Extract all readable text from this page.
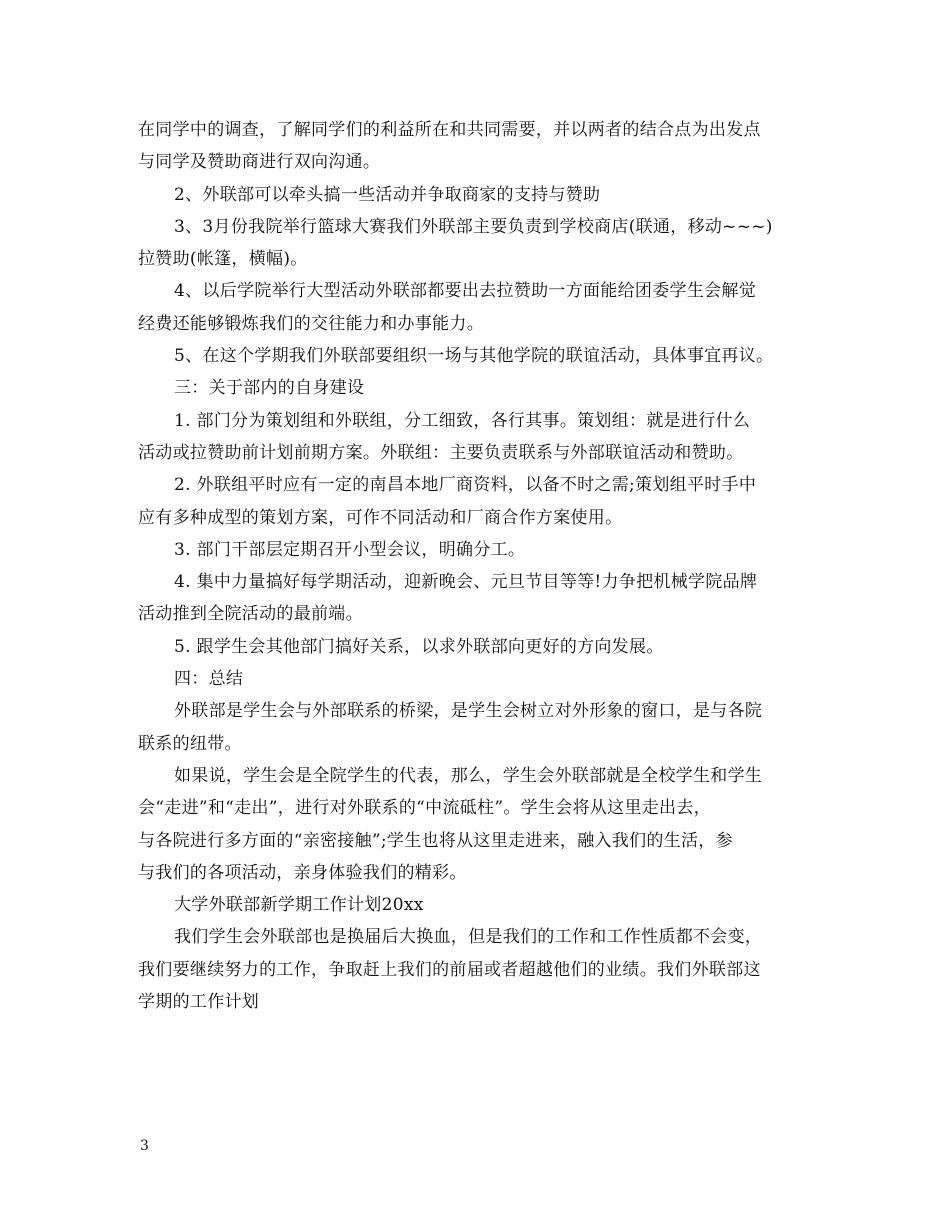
在同学中的调查，了解同学们的利益所在和共同需要，并以两者的结合点为出发点
与同学及赞助商进行双向沟通。
2、外联部可以牵头搞一些活动并争取商家的支持与赞助
3、3月份我院举行篮球大赛我们外联部主要负责到学校商店(联通，移动~~~)
拉赞助(帐篷，横幅)。
4、以后学院举行大型活动外联部都要出去拉赞助一方面能给团委学生会解觉
经费还能够锻炼我们的交往能力和办事能力。
5、在这个学期我们外联部要组织一场与其他学院的联谊活动，具体事宜再议。
三：关于部内的自身建设
1. 部门分为策划组和外联组，分工细致，各行其事。策划组：就是进行什么
活动或拉赞助前计划前期方案。外联组：主要负责联系与外部联谊活动和赞助。
2. 外联组平时应有一定的南昌本地厂商资料，以备不时之需;策划组平时手中
应有多种成型的策划方案，可作不同活动和厂商合作方案使用。
3. 部门干部层定期召开小型会议，明确分工。
4. 集中力量搞好每学期活动，迎新晚会、元旦节目等等!力争把机械学院品牌
活动推到全院活动的最前端。
5. 跟学生会其他部门搞好关系，以求外联部向更好的方向发展。
四：总结
外联部是学生会与外部联系的桥梁，是学生会树立对外形象的窗口，是与各院
联系的纽带。
如果说，学生会是全院学生的代表，那么，学生会外联部就是全校学生和学生
会“走进”和“走出”，进行对外联系的“中流砥柱”。学生会将从这里走出去，
与各院进行多方面的“亲密接触”;学生也将从这里走进来，融入我们的生活，参
与我们的各项活动，亲身体验我们的精彩。
大学外联部新学期工作计划20xx
我们学生会外联部也是换届后大换血，但是我们的工作和工作性质都不会变，
我们要继续努力的工作，争取赶上我们的前届或者超越他们的业绩。我们外联部这
学期的工作计划
3
